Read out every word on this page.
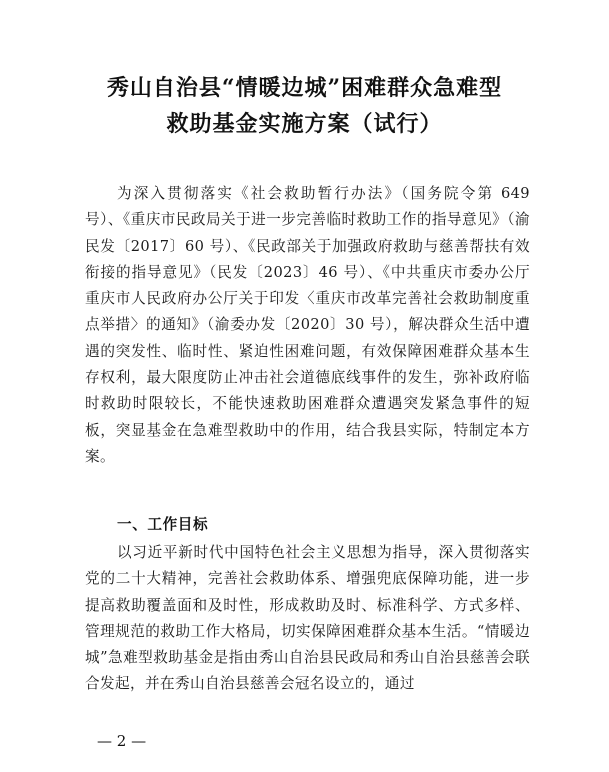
秀山自治县“情暖边城”困难群众急难型
救助基金实施方案（试行）

为深入贯彻落实《社会救助暂行办法》（国务院令第 649 号）、《重庆市民政局关于进一步完善临时救助工作的指导意见》（渝民发〔2017〕60 号）、《民政部关于加强政府救助与慈善帮扶有效衔接的指导意见》（民发〔2023〕46 号）、《中共重庆市委办公厅重庆市人民政府办公厅关于印发〈重庆市改革完善社会救助制度重点举措〉的通知》（渝委办发〔2020〕30 号），解决群众生活中遭遇的突发性、临时性、紧迫性困难问题，有效保障困难群众基本生存权利，最大限度防止冲击社会道德底线事件的发生，弥补政府临时救助时限较长，不能快速救助困难群众遭遇突发紧急事件的短板，突显基金在急难型救助中的作用，结合我县实际，特制定本方案。

一、工作目标

以习近平新时代中国特色社会主义思想为指导，深入贯彻落实党的二十大精神，完善社会救助体系、增强兜底保障功能，进一步提高救助覆盖面和及时性，形成救助及时、标准科学、方式多样、管理规范的救助工作大格局，切实保障困难群众基本生活。“情暖边城”急难型救助基金是指由秀山自治县民政局和秀山自治县慈善会联合发起，并在秀山自治县慈善会冠名设立的，通过

— 2 —
